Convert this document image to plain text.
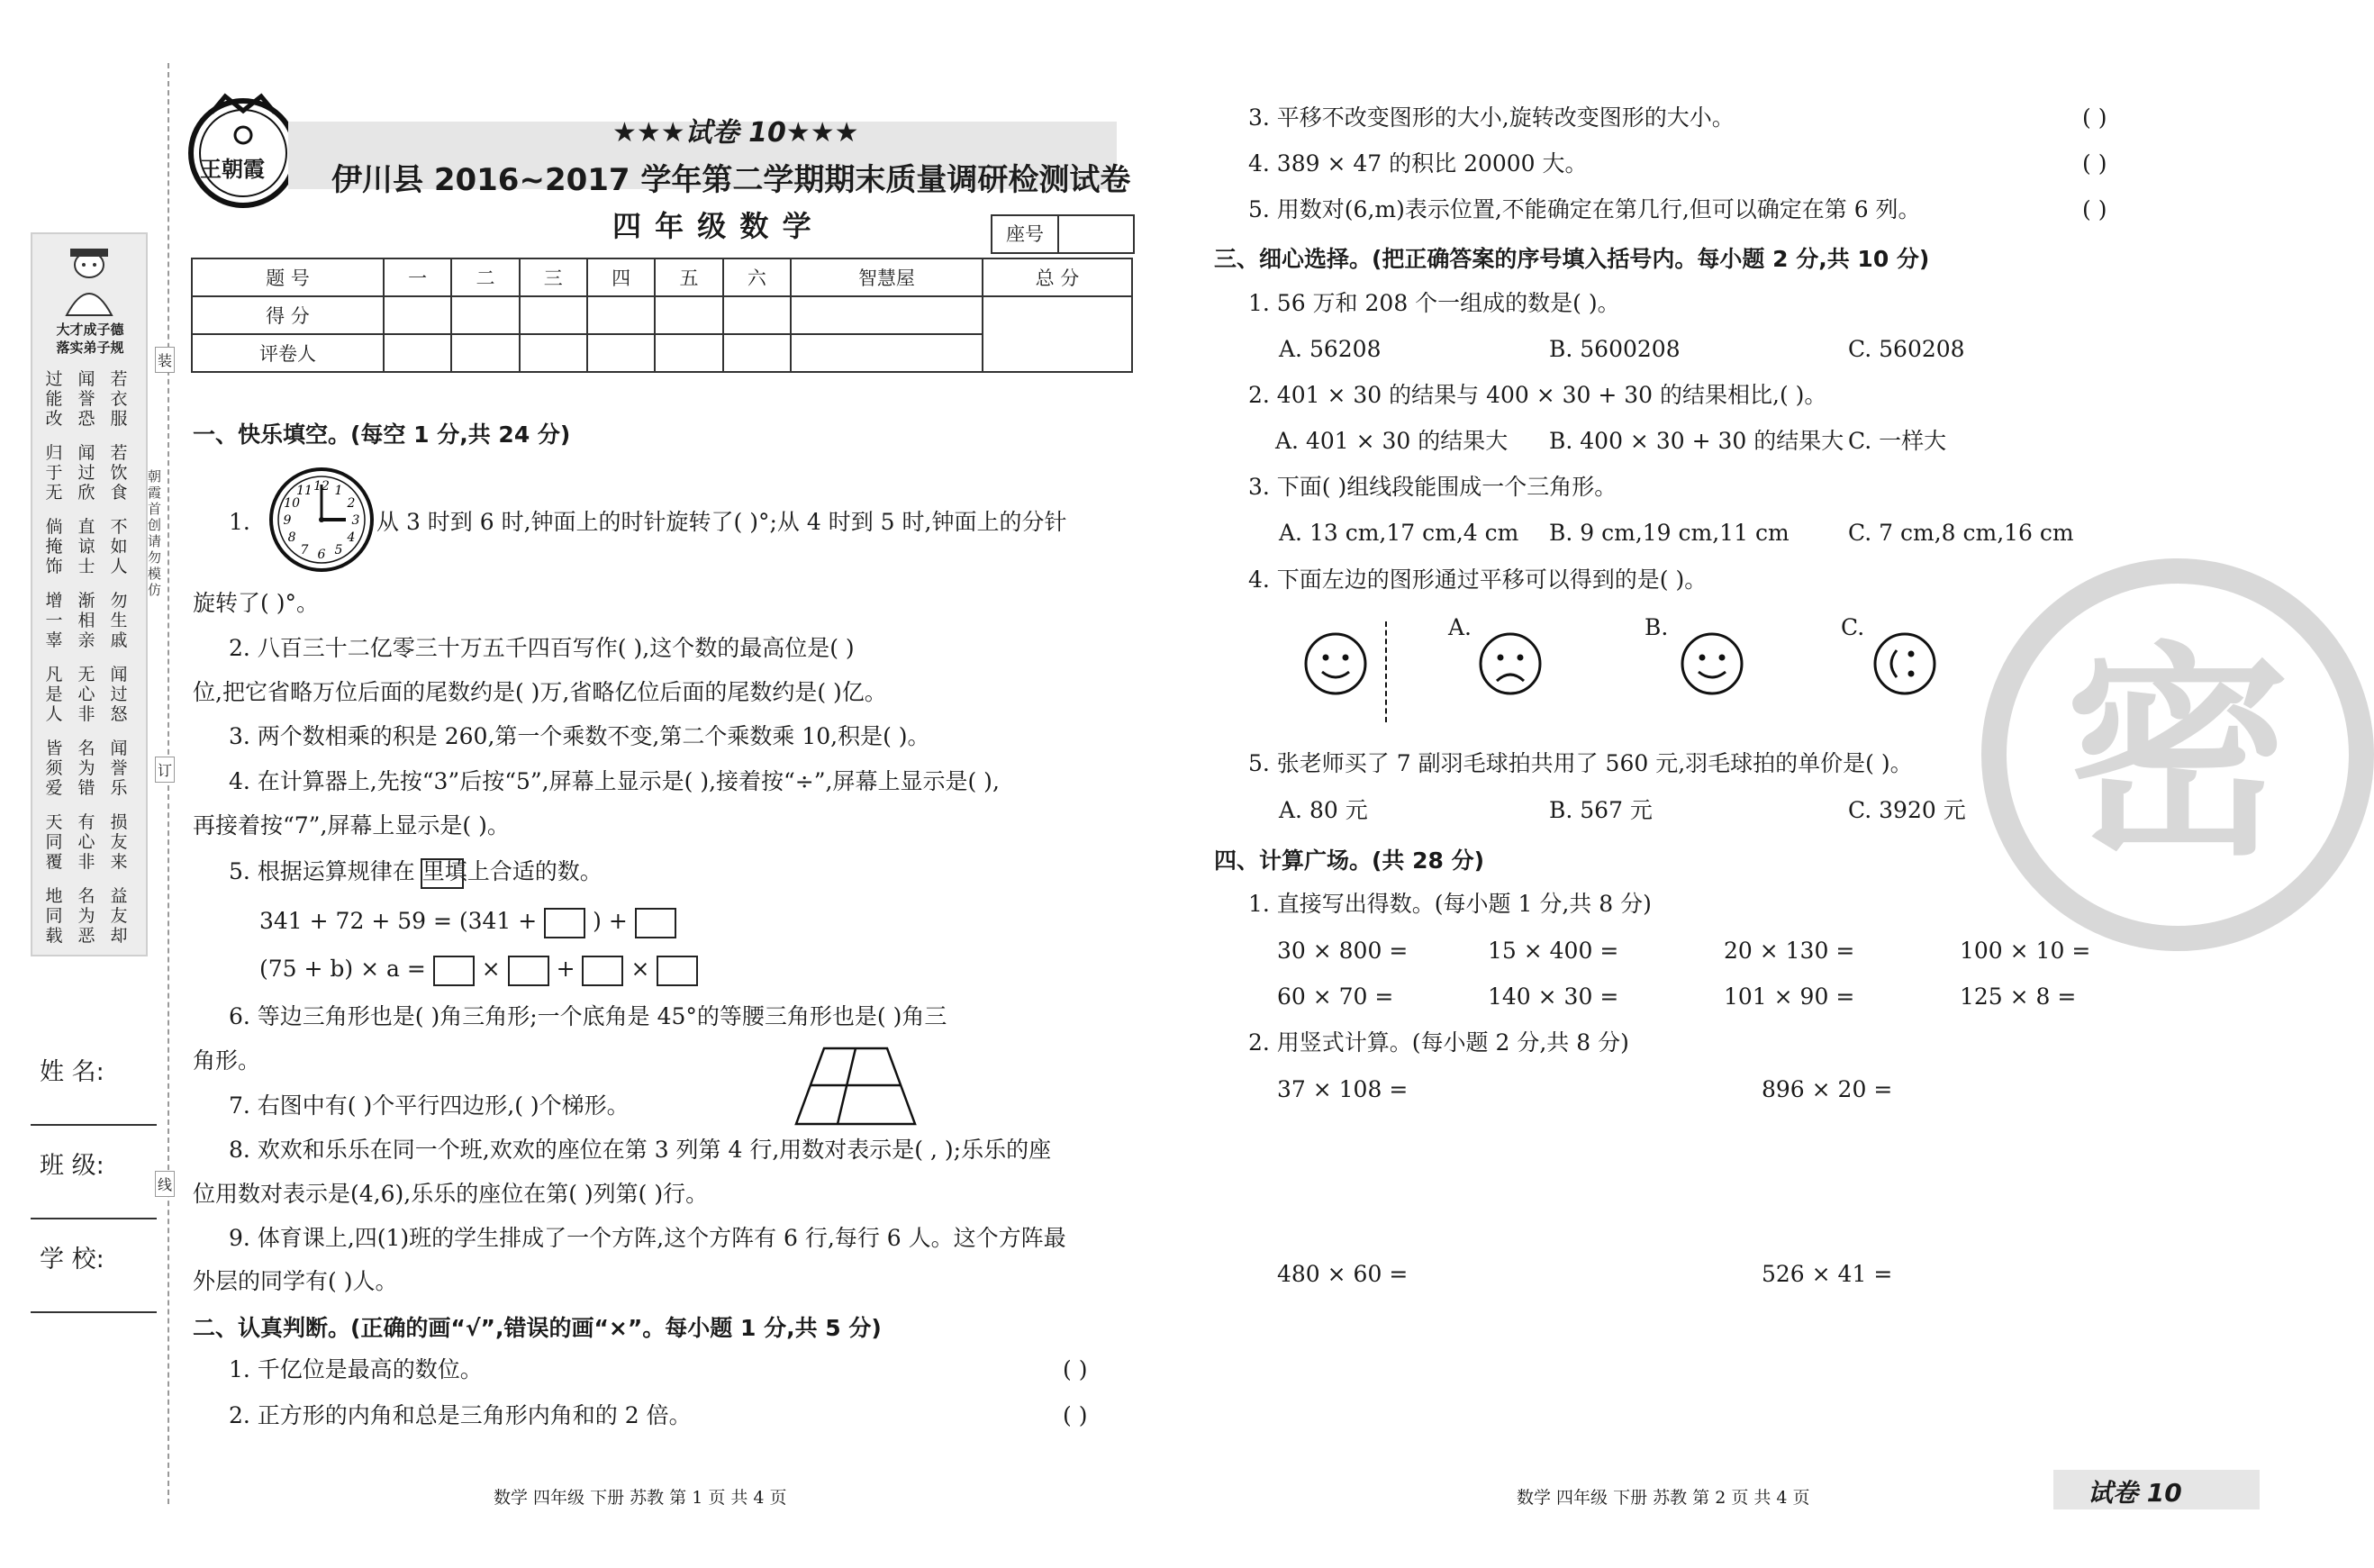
大才成子德
落实弟子规
过能改
闻誉恐
若衣服
归于无
闻过欣
若饮食
倘掩饰
直谅士
不如人
增一辜
渐相亲
勿生戚
凡是人
无心非
闻过怒
皆须爱
名为错
闻誉乐
天同覆
有心非
损友来
地同载
名为恶
益友却
姓 名:
班 级:
学 校:
装
订
线
朝霞首创 请勿模仿
王朝霞
★★★试卷 10★★★
伊川县 2016~2017 学年第二学期期末质量调研检测试卷
四 年 级 数 学	座号
题 号	一	二	三	四	五	六	智慧屋	总 分
得 分								
评卷人								
一、快乐填空。(每空 1 分,共 24 分)
1.
12 1
2
3
4
5
6
7
8
9
10
11
从 3 时到 6 时,钟面上的时针旋转了( )°;从 4 时到 5 时,钟面上的分针
旋转了( )°。
2. 八百三十二亿零三十万五千四百写作( ),这个数的最高位是( )
位,把它省略万位后面的尾数约是( )万,省略亿位后面的尾数约是( )亿。
3. 两个数相乘的积是 260,第一个乘数不变,第二个乘数乘 10,积是( )。
4. 在计算器上,先按“3”后按“5”,屏幕上显示是( ),接着按“÷”,屏幕上显示是( ),
再接着按“7”,屏幕上显示是( )。
5. 根据运算规律在 里填上合适的数。
341 + 72 + 59 = (341 + ) +
(75 + b) × a = × + ×
6. 等边三角形也是( )角三角形;一个底角是 45°的等腰三角形也是( )角三
角形。
7. 右图中有( )个平行四边形,( )个梯形。
8. 欢欢和乐乐在同一个班,欢欢的座位在第 3 列第 4 行,用数对表示是( , );乐乐的座
位用数对表示是(4,6),乐乐的座位在第( )列第( )行。
9. 体育课上,四(1)班的学生排成了一个方阵,这个方阵有 6 行,每行 6 人。这个方阵最
外层的同学有( )人。
二、认真判断。(正确的画“√”,错误的画“×”。每小题 1 分,共 5 分)
1. 千亿位是最高的数位。	( )
2. 正方形的内角和总是三角形内角和的 2 倍。	( )
3. 平移不改变图形的大小,旋转改变图形的大小。	( )
4. 389 × 47 的积比 20000 大。	( )
5. 用数对(6,m)表示位置,不能确定在第几行,但可以确定在第 6 列。	( )
三、细心选择。(把正确答案的序号填入括号内。每小题 2 分,共 10 分)
1. 56 万和 208 个一组成的数是( )。
A. 56208	B. 5600208	C. 560208
2. 401 × 30 的结果与 400 × 30 + 30 的结果相比,( )。
A. 401 × 30 的结果大 B. 400 × 30 + 30 的结果大 C. 一样大
3. 下面( )组线段能围成一个三角形。
A. 13 cm,17 cm,4 cm B. 9 cm,19 cm,11 cm	C. 7 cm,8 cm,16 cm
4. 下面左边的图形通过平移可以得到的是( )。
A.	B.	C.
5. 张老师买了 7 副羽毛球拍共用了 560 元,羽毛球拍的单价是( )。
A. 80 元	B. 567 元	C. 3920 元
四、计算广场。(共 28 分)
1. 直接写出得数。(每小题 1 分,共 8 分)
30 × 800 =	15 × 400 =	20 × 130 =	100 × 10 =
60 × 70 =	140 × 30 =	101 × 90 =	125 × 8 =
2. 用竖式计算。(每小题 2 分,共 8 分)
37 × 108 =	896 × 20 =
480 × 60 =	526 × 41 =
密
数学 四年级 下册 苏教 第 1 页 共 4 页	数学 四年级 下册 苏教 第 2 页 共 4 页	试卷 10
